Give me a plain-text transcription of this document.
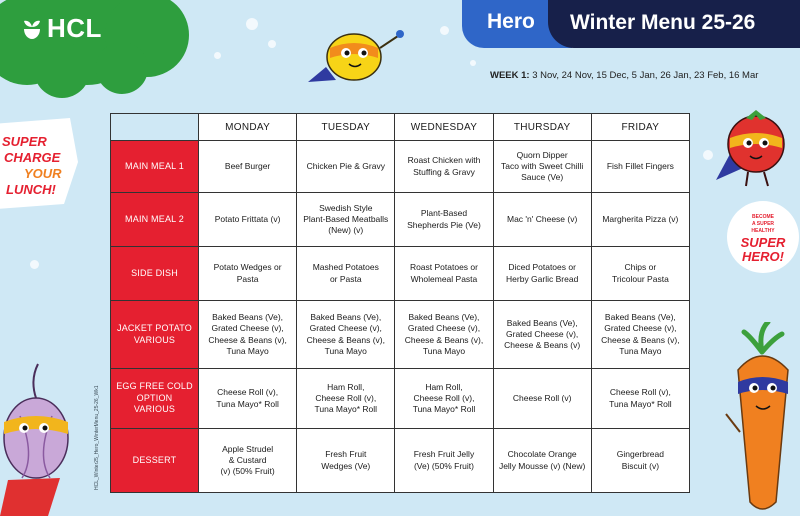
HCL	Hero Winter Menu 25-26
WEEK 1: 3 Nov, 24 Nov, 15 Dec, 5 Jan, 26 Jan, 23 Feb, 16 Mar
SUPER
CHARGE
YOUR
LUNCH!
BECOME
A SUPER
HEALTHY
SUPER
HERO!
HCL_Winter25_Hero_WinterMenu_25-26_Wk1
	MONDAY	TUESDAY	WEDNESDAY	THURSDAY	FRIDAY
MAIN MEAL 1	Beef Burger	Chicken Pie & Gravy	Roast Chicken with
Stuffing & Gravy	Quorn Dipper
Taco with Sweet Chilli
Sauce (Ve)	Fish Fillet Fingers
MAIN MEAL 2	Potato Frittata (v)	Swedish Style
Plant-Based Meatballs
(New) (v)	Plant-Based
Shepherds Pie (Ve)	Mac 'n' Cheese (v)	Margherita Pizza (v)
SIDE DISH	Potato Wedges or
Pasta	Mashed Potatoes
or Pasta	Roast Potatoes or
Wholemeal Pasta	Diced Potatoes or
Herby Garlic Bread	Chips or
Tricolour Pasta
JACKET POTATO
VARIOUS	Baked Beans (Ve),
Grated Cheese (v),
Cheese & Beans (v),
Tuna Mayo	Baked Beans (Ve),
Grated Cheese (v),
Cheese & Beans (v),
Tuna Mayo	Baked Beans (Ve),
Grated Cheese (v),
Cheese & Beans (v),
Tuna Mayo	Baked Beans (Ve),
Grated Cheese (v),
Cheese & Beans (v)	Baked Beans (Ve),
Grated Cheese (v),
Cheese & Beans (v),
Tuna Mayo
EGG FREE COLD
OPTION VARIOUS	Cheese Roll (v),
Tuna Mayo* Roll	Ham Roll,
Cheese Roll (v),
Tuna Mayo* Roll	Ham Roll,
Cheese Roll (v),
Tuna Mayo* Roll	Cheese Roll (v)	Cheese Roll (v),
Tuna Mayo* Roll
DESSERT	Apple Strudel
& Custard
(v) (50% Fruit)	Fresh Fruit
Wedges (Ve)	Fresh Fruit Jelly
(Ve) (50% Fruit)	Chocolate Orange
Jelly Mousse (v) (New)	Gingerbread
Biscuit (v)
